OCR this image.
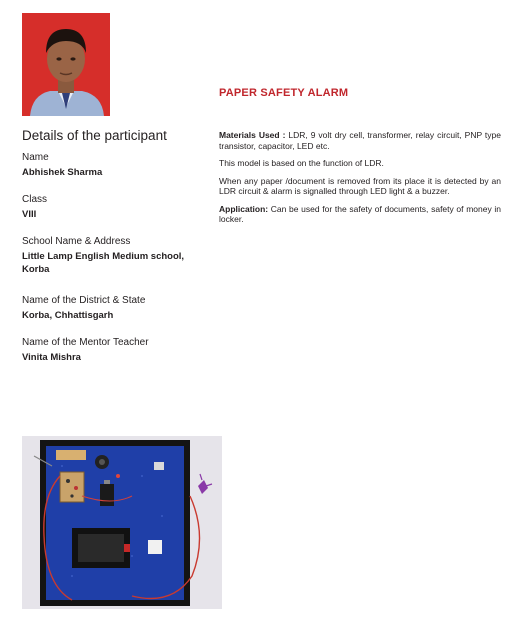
PAPER SAFETY ALARM
Details of the participant
Name
Abhishek Sharma
Class
VIII
School Name & Address
Little Lamp English Medium school, Korba
Name of the District & State
Korba, Chhattisgarh
Name of the Mentor Teacher
Vinita Mishra

Materials Used : LDR, 9 volt dry cell, transformer, relay circuit, PNP type transistor, capacitor, LED etc.

This model is based on the function of LDR.

When any paper /document is removed from its place it is detected by an LDR circuit & alarm is signalled through LED light & a buzzer.

Application: Can be used for the safety of documents, safety of money in locker.
